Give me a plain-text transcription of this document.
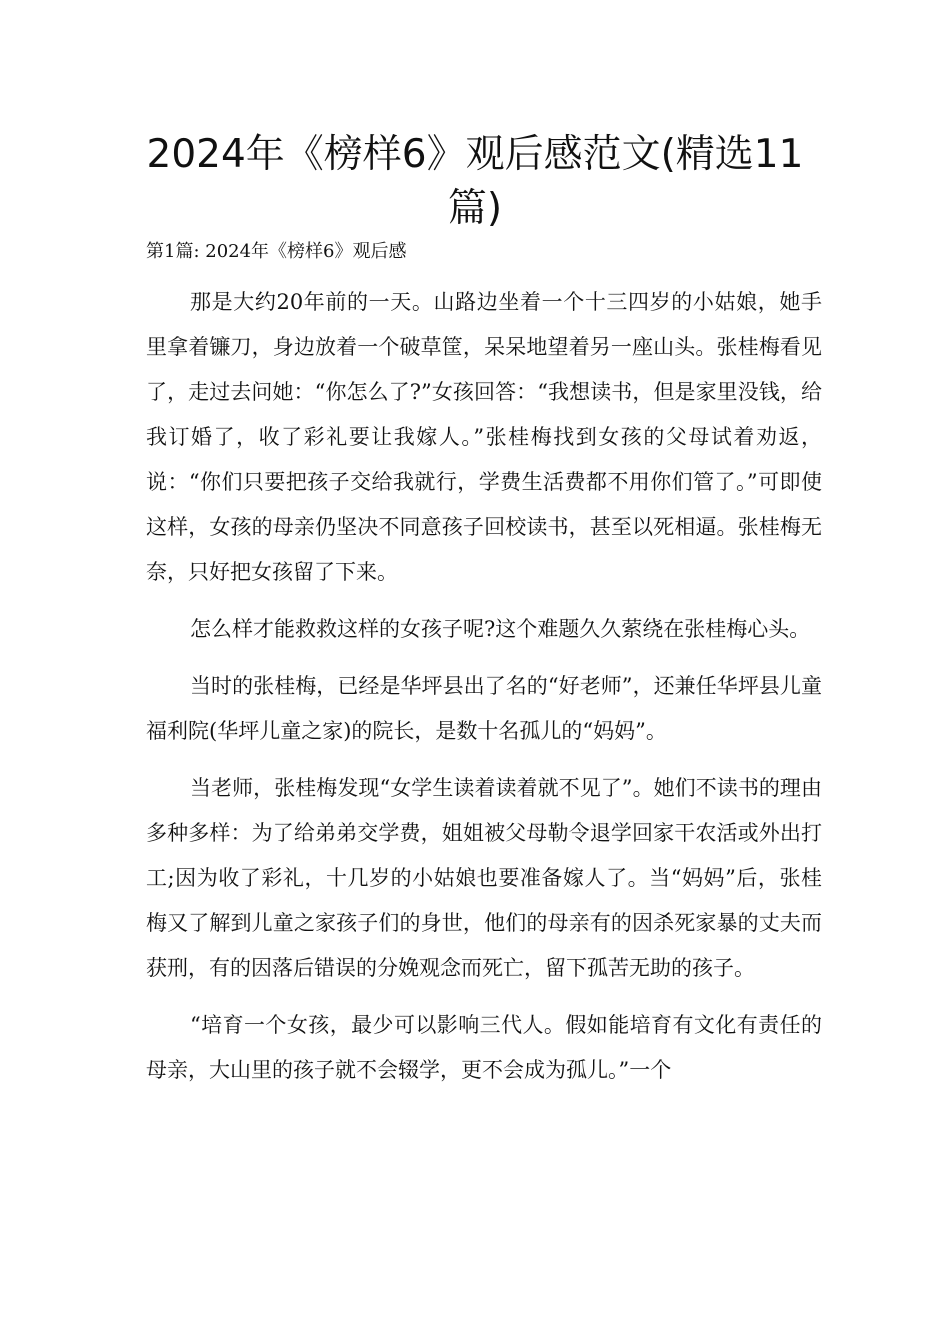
2024年《榜样6》观后感范文(精选11篇)

第1篇: 2024年《榜样6》观后感

那是大约20年前的一天。山路边坐着一个十三四岁的小姑娘，她手里拿着镰刀，身边放着一个破草筐，呆呆地望着另一座山头。张桂梅看见了，走过去问她：“你怎么了?”女孩回答：“我想读书，但是家里没钱，给我订婚了，收了彩礼要让我嫁人。”张桂梅找到女孩的父母试着劝返，说：“你们只要把孩子交给我就行，学费生活费都不用你们管了。”可即使这样，女孩的母亲仍坚决不同意孩子回校读书，甚至以死相逼。张桂梅无奈，只好把女孩留了下来。

怎么样才能救救这样的女孩子呢?这个难题久久萦绕在张桂梅心头。

当时的张桂梅，已经是华坪县出了名的“好老师”，还兼任华坪县儿童福利院(华坪儿童之家)的院长，是数十名孤儿的“妈妈”。

当老师，张桂梅发现“女学生读着读着就不见了”。她们不读书的理由多种多样：为了给弟弟交学费，姐姐被父母勒令退学回家干农活或外出打工;因为收了彩礼，十几岁的小姑娘也要准备嫁人了。当“妈妈”后，张桂梅又了解到儿童之家孩子们的身世，他们的母亲有的因杀死家暴的丈夫而获刑，有的因落后错误的分娩观念而死亡，留下孤苦无助的孩子。

“培育一个女孩，最少可以影响三代人。假如能培育有文化有责任的母亲，大山里的孩子就不会辍学，更不会成为孤儿。”一个
